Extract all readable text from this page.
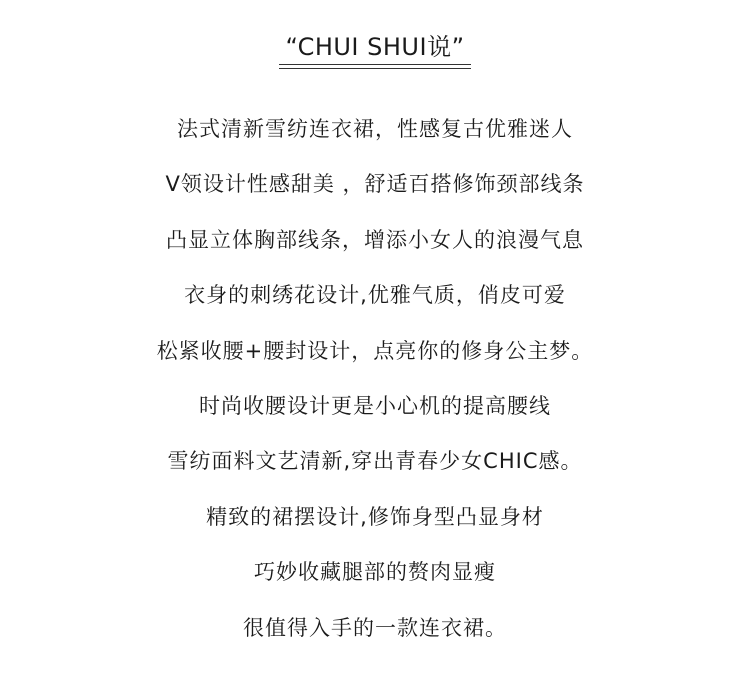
“CHUI SHUI说”
法式清新雪纺连衣裙，性感复古优雅迷人
V领设计性感甜美 ，舒适百搭修饰颈部线条
凸显立体胸部线条，增添小女人的浪漫气息
衣身的刺绣花设计,优雅气质，俏皮可爱
松紧收腰+腰封设计，点亮你的修身公主梦。
时尚收腰设计更是小心机的提高腰线
雪纺面料文艺清新,穿出青春少女CHIC感。
精致的裙摆设计,修饰身型凸显身材
巧妙收藏腿部的赘肉显瘦
很值得入手的一款连衣裙。
